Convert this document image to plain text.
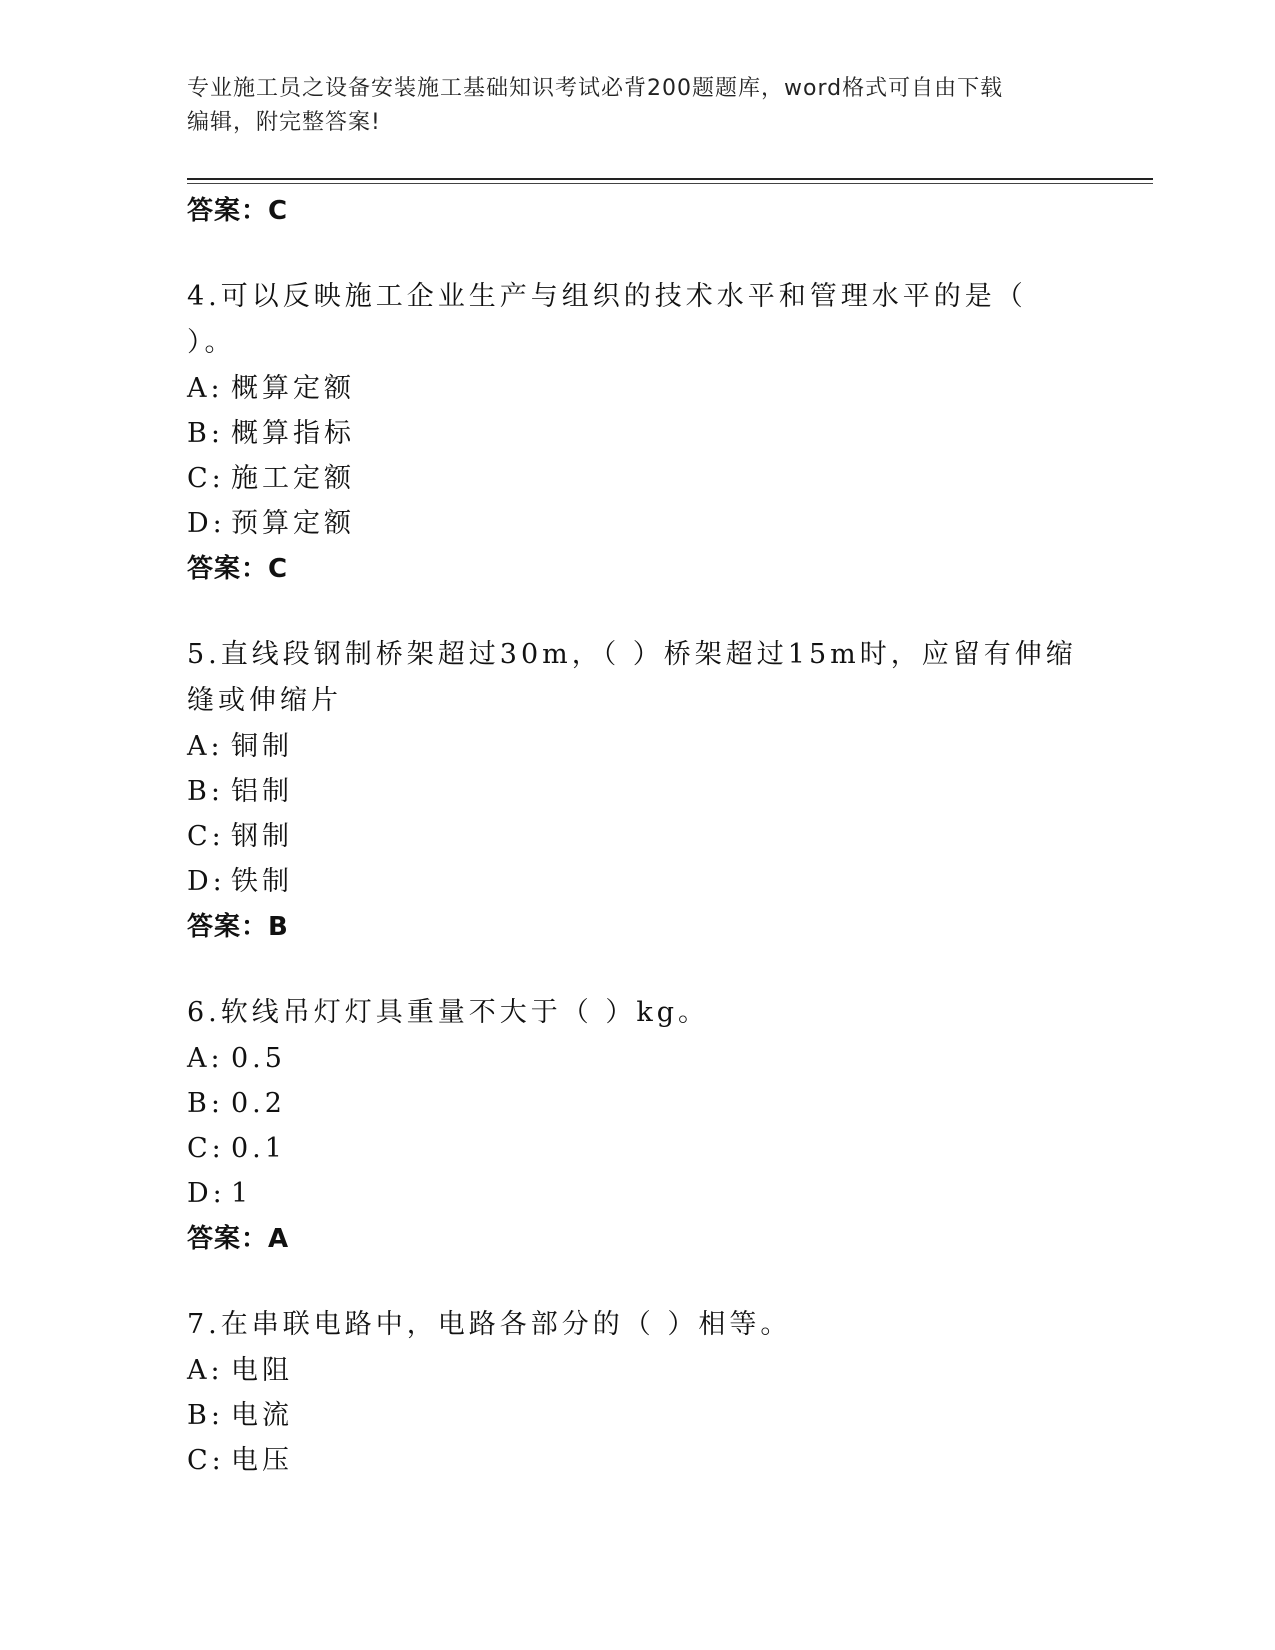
专业施工员之设备安装施工基础知识考试必背200题题库，word格式可自由下载
编辑，附完整答案!
答案：C
4.可以反映施工企业生产与组织的技术水平和管理水平的是（ ）。
A: 概算定额
B: 概算指标
C: 施工定额
D: 预算定额
答案：C
5.直线段钢制桥架超过30m，（ ）桥架超过15m时，应留有伸缩缝或伸缩片
A: 铜制
B: 铝制
C: 钢制
D: 铁制
答案：B
6.软线吊灯灯具重量不大于（ ）kg。
A: 0.5
B: 0.2
C: 0.1
D: 1
答案：A
7.在串联电路中，电路各部分的（ ）相等。
A: 电阻
B: 电流
C: 电压
